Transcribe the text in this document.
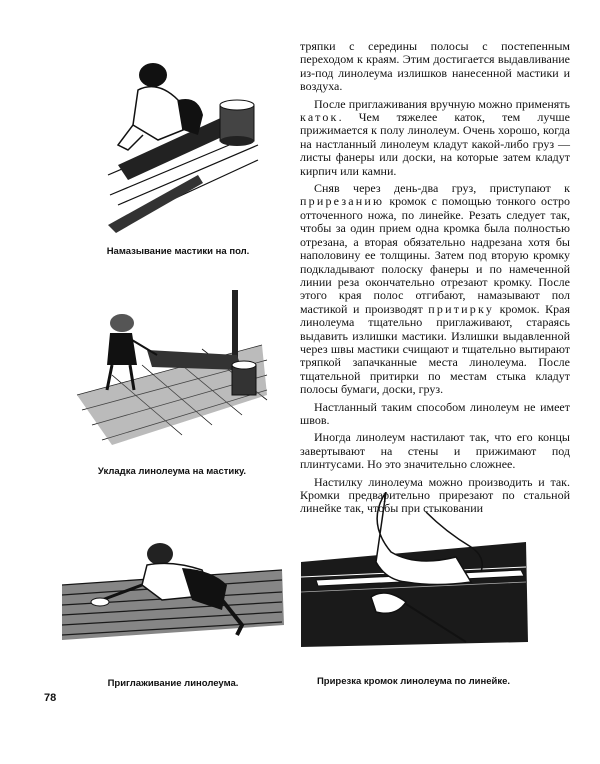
Намазывание мастики на пол.
Укладка линолеума на мастику.
Приглаживание линолеума.	Прирезка кромок линолеума по линейке.

тряпки с середины полосы с постепенным переходом к краям. Этим достигается выдавливание из-под линолеума излишков нанесенной мастики и воздуха.

После приглаживания вручную можно применять каток. Чем тяжелее каток, тем лучше прижимается к полу линолеум. Очень хорошо, когда на настланный линолеум кладут какой-либо груз — листы фанеры или доски, на которые затем кладут кирпич или камни.

Сняв через день-два груз, приступают к прирезанию кромок с помощью тонкого остро отточенного ножа, по линейке. Резать следует так, чтобы за один прием одна кромка была полностью отрезана, а вторая обязательно надрезана хотя бы наполовину ее толщины. Затем под вторую кромку подкладывают полоску фанеры и по намеченной линии реза окончательно отрезают кромку. После этого края полос отгибают, намазывают пол мастикой и производят притирку кромок. Края линолеума тщательно приглаживают, стараясь выдавить излишки мастики. Излишки выдавленной через швы мастики счищают и тщательно вытирают тряпкой запачканные места линолеума. После тщательной притирки по местам стыка кладут полосы бумаги, доски, груз.

Настланный таким способом линолеум не имеет швов.

Иногда линолеум настилают так, что его концы завертывают на стены и прижимают под плинтусами. Но это значительно сложнее.

Настилку линолеума можно производить и так. Кромки предварительно прирезают по стальной линейке так, чтобы при стыковании

78
